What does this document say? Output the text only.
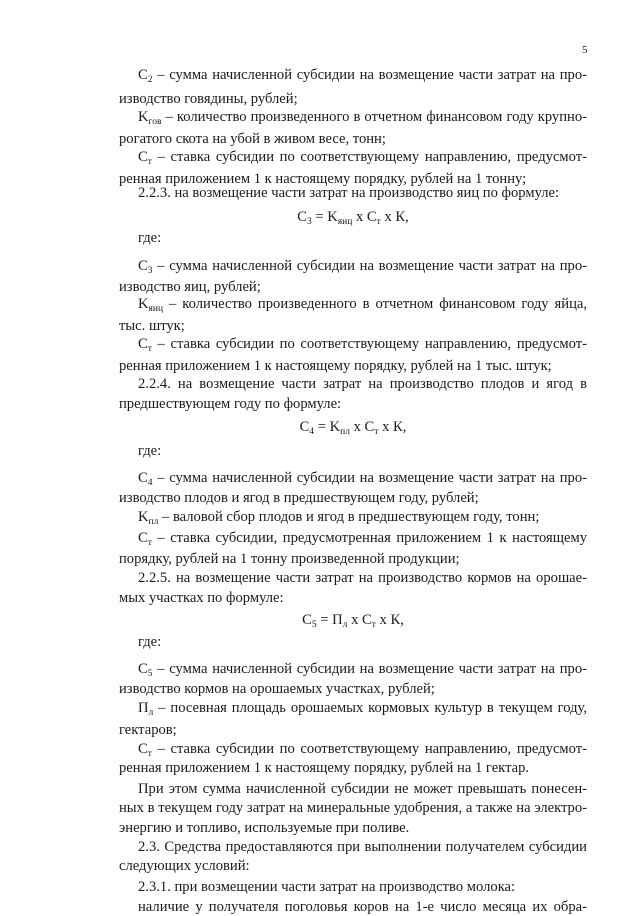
5
$С_2$ – сумма начисленной субсидии на возмещение части затрат на про-
изводство говядины, рублей;
$K_{гов}$ – количество произведенного в отчетном финансовом году крупно-
рогатого скота на убой в живом весе, тонн;
$С_т$ – ставка субсидии по соответствующему направлению, предусмот-
ренная приложением 1 к настоящему порядку, рублей на 1 тонну;
2.2.3. на возмещение части затрат на производство яиц по формуле:
$С_3 = K_{яиц}$ х $С_т$ х К,
где:
$С_3$ – сумма начисленной субсидии на возмещение части затрат на про-
изводство яиц, рублей;
$K_{яиц}$ – количество произведенного в отчетном финансовом году яйца,
тыс. штук;
$С_т$ – ставка субсидии по соответствующему направлению, предусмот-
ренная приложением 1 к настоящему порядку, рублей на 1 тыс. штук;
2.2.4. на возмещение части затрат на производство плодов и ягод в
предшествующем году по формуле:
$С_4 = K_{пл}$ х $С_т$ х К,
где:
$С_4$ – сумма начисленной субсидии на возмещение части затрат на про-
изводство плодов и ягод в предшествующем году, рублей;
$K_{пл}$ – валовой сбор плодов и ягод в предшествующем году, тонн;
$С_т$ – ставка субсидии, предусмотренная приложением 1 к настоящему
порядку, рублей на 1 тонну произведенной продукции;
2.2.5. на возмещение части затрат на производство кормов на орошае-
мых участках по формуле:
$С_5 = П_л$ х $С_т$ х К,
где:
$С_5$ – сумма начисленной субсидии на возмещение части затрат на про-
изводство кормов на орошаемых участках, рублей;
$П_л$ – посевная площадь орошаемых кормовых культур в текущем году,
гектаров;
$С_т$ – ставка субсидии по соответствующему направлению, предусмот-
ренная приложением 1 к настоящему порядку, рублей на 1 гектар.
При этом сумма начисленной субсидии не может превышать понесен-
ных в текущем году затрат на минеральные удобрения, а также на электро-
энергию и топливо, используемые при поливе.
2.3. Средства предоставляются при выполнении получателем субсидии
следующих условий:
2.3.1. при возмещении части затрат на производство молока:
наличие у получателя поголовья коров на 1-е число месяца их обра-
